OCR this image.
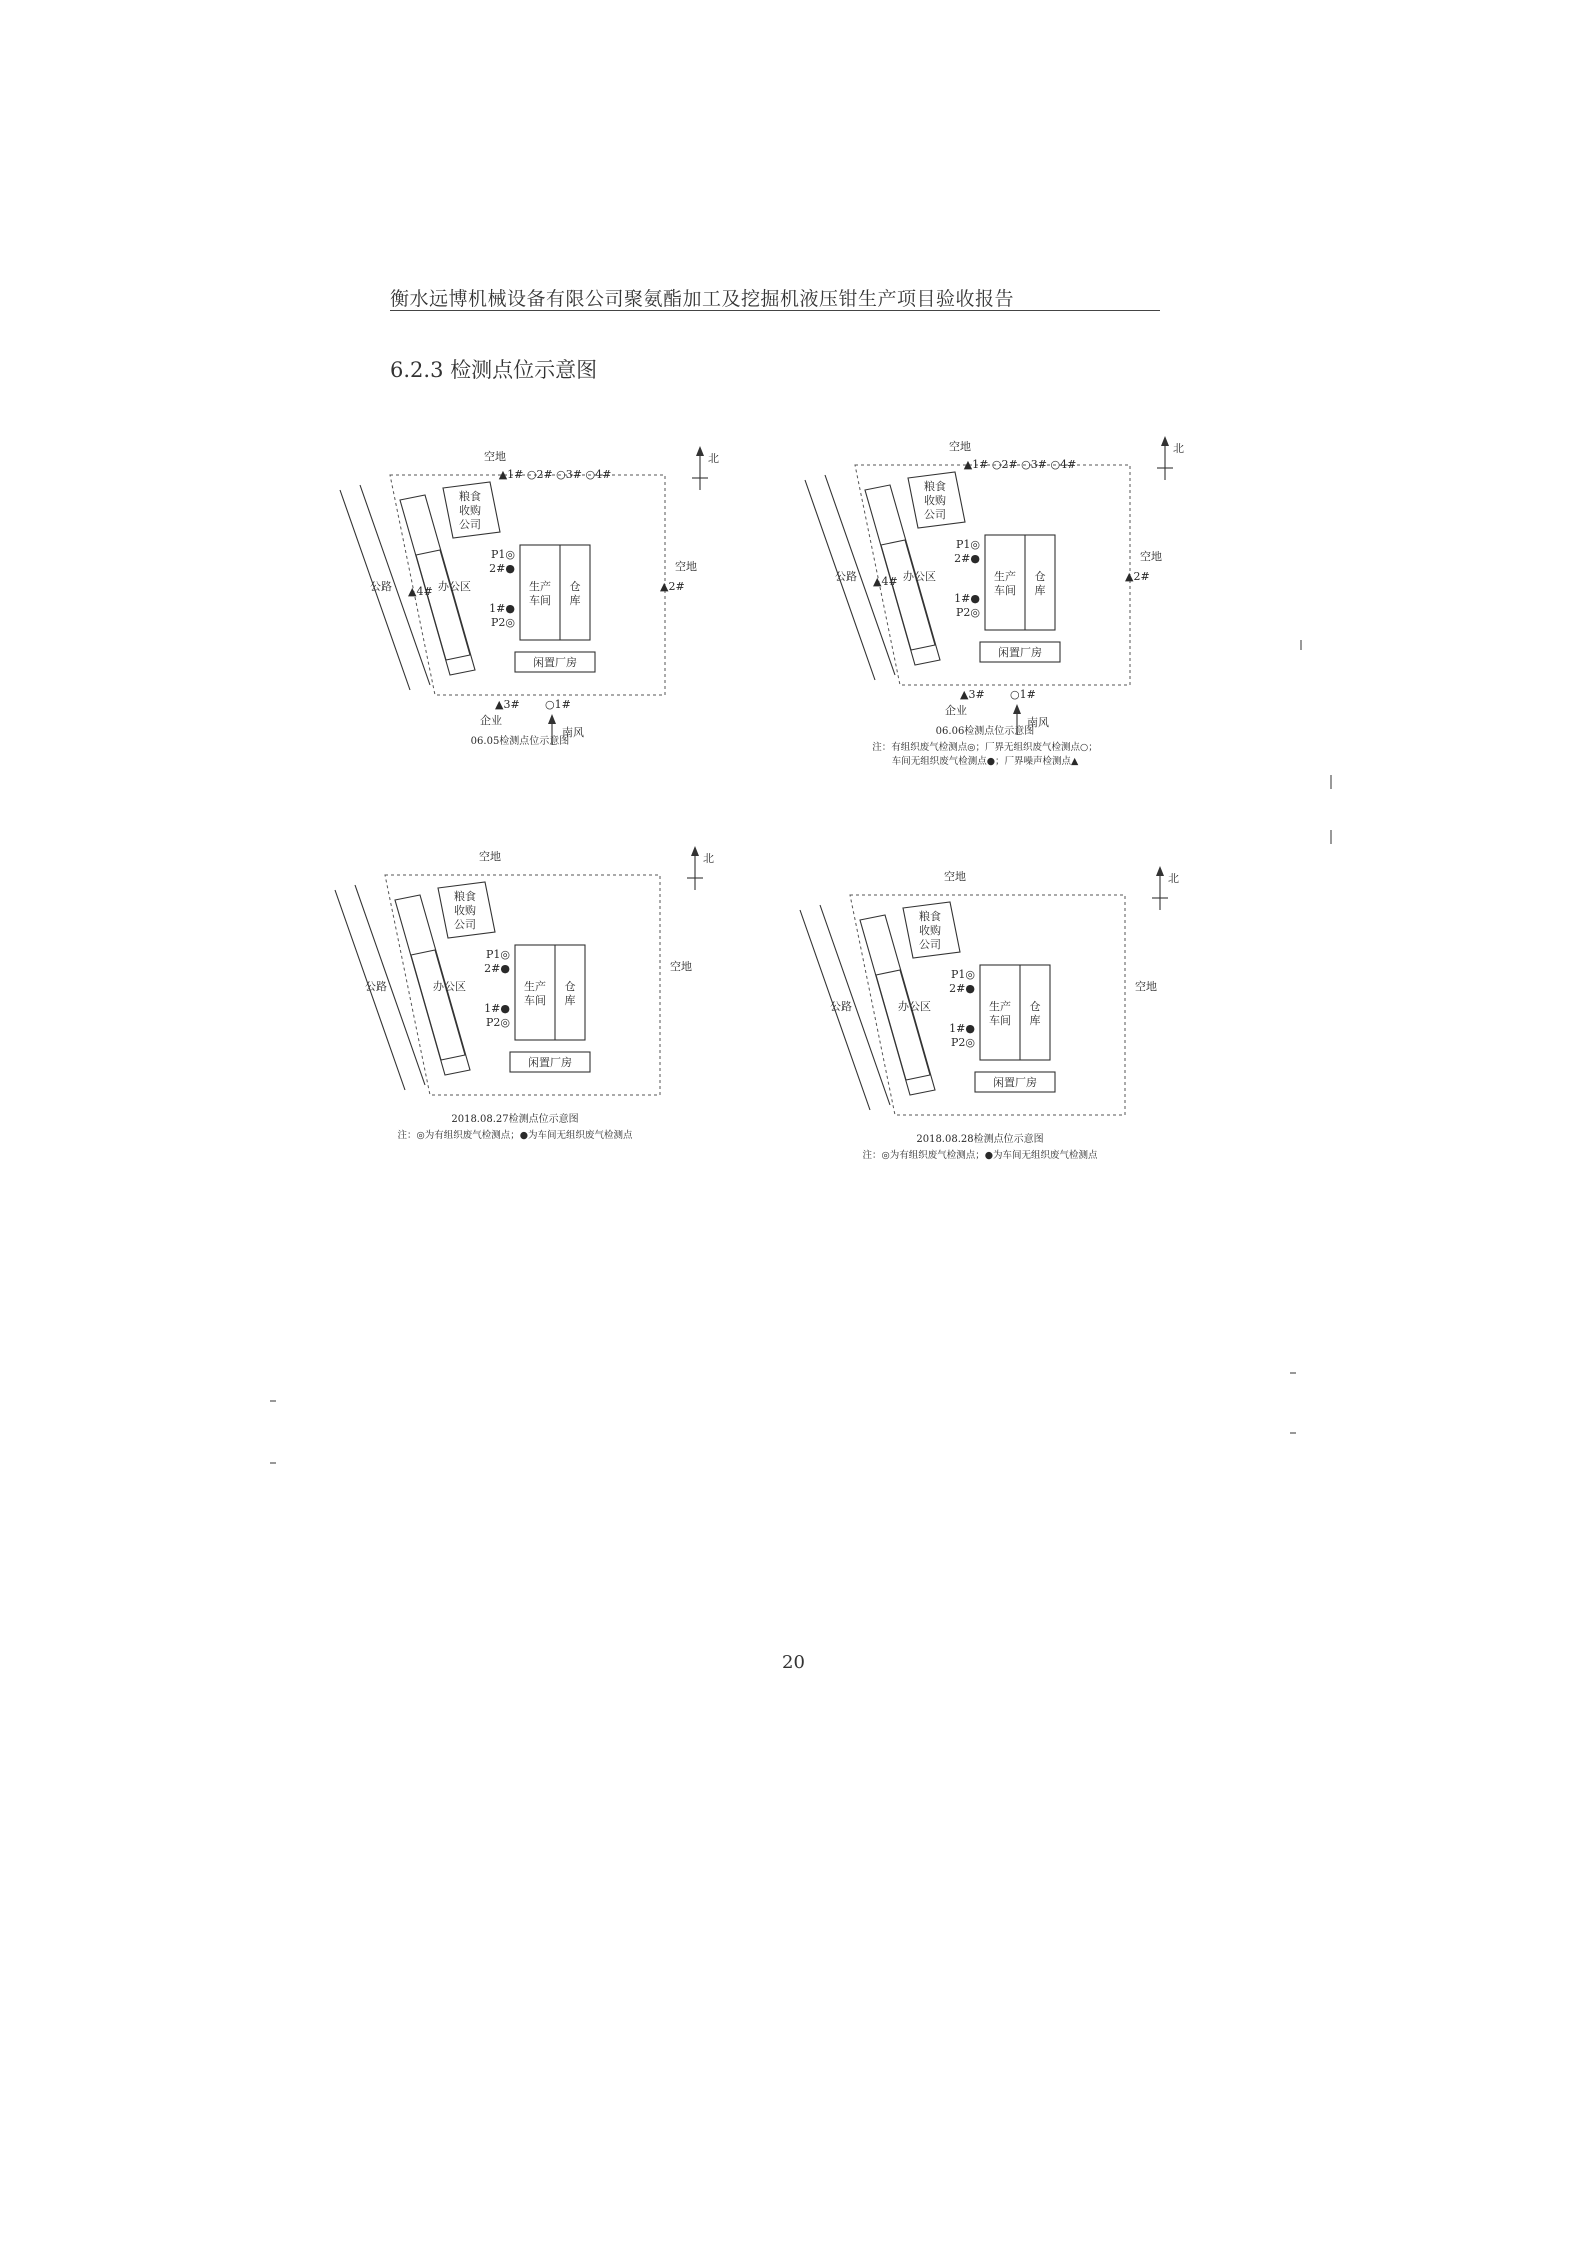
衡水远博机械设备有限公司聚氨酯加工及挖掘机液压钳生产项目验收报告
6.2.3 检测点位示意图
公路	办公区
粮食
收购
公司
生产
车间
仓
库
闲置厂房
空地
空地
P1◎
2#●
1#●
P2◎
北
▲1# ○2# ○3# ○4#
▲2#
▲4#
▲3# ○1#
企业
南风
06.05检测点位示意图
公路	办公区
粮食
收购
公司
生产
车间
仓
库
闲置厂房
空地
空地
P1◎
2#●
1#●
P2◎
北
▲1# ○2# ○3# ○4#
▲2#
▲4#
▲3# ○1#
企业
南风
06.06检测点位示意图
注：有组织废气检测点◎；厂界无组织废气检测点○；
车间无组织废气检测点●；厂界噪声检测点▲
公路	办公区
粮食
收购
公司
生产
车间
仓
库
闲置厂房
空地
空地
P1◎
2#●
1#●
P2◎
北
2018.08.27检测点位示意图
注：◎为有组织废气检测点；●为车间无组织废气检测点
公路	办公区
粮食
收购
公司
生产
车间
仓
库
闲置厂房
空地
空地
P1◎
2#●
1#●
P2◎
北
2018.08.28检测点位示意图
注：◎为有组织废气检测点；●为车间无组织废气检测点
20
